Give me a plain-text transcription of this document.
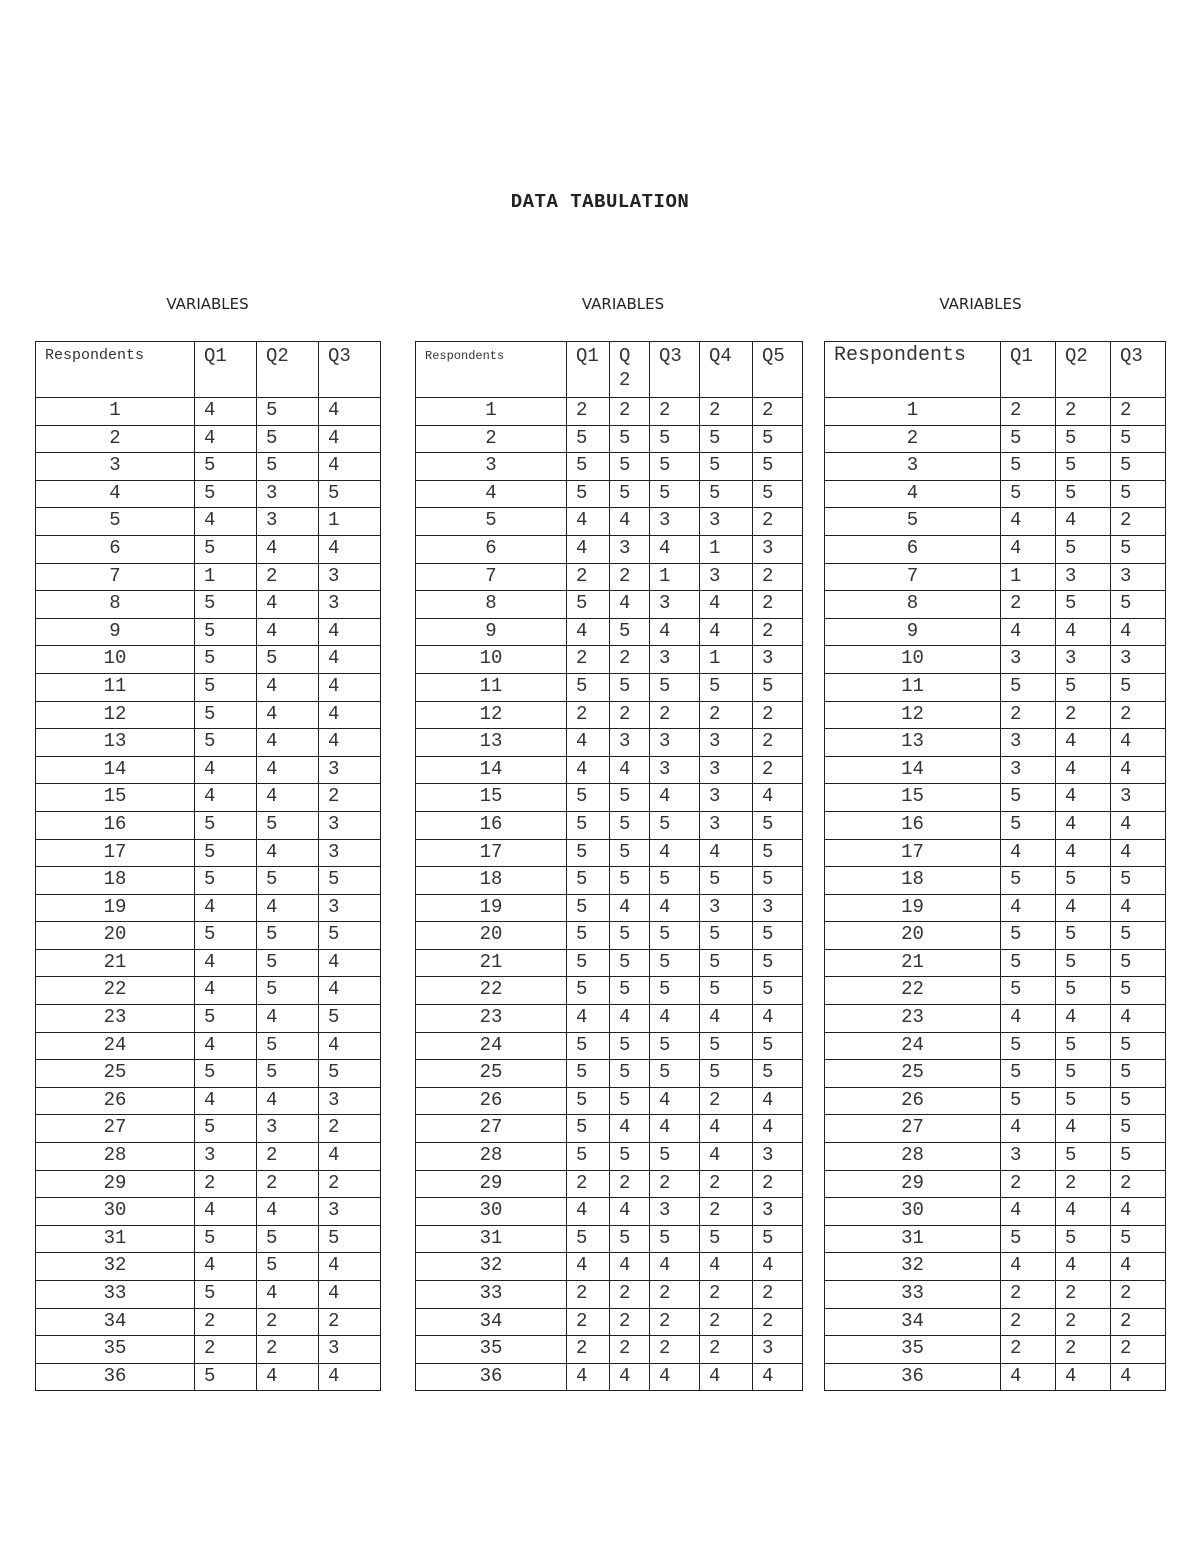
DATA TABULATION
VARIABLES	VARIABLES	VARIABLES
Respondents	Q1	Q2	Q3
1	4	5	4
2	4	5	4
3	5	5	4
4	5	3	5
5	4	3	1
6	5	4	4
7	1	2	3
8	5	4	3
9	5	4	4
10	5	5	4
11	5	4	4
12	5	4	4
13	5	4	4
14	4	4	3
15	4	4	2
16	5	5	3
17	5	4	3
18	5	5	5
19	4	4	3
20	5	5	5
21	4	5	4
22	4	5	4
23	5	4	5
24	4	5	4
25	5	5	5
26	4	4	3
27	5	3	2
28	3	2	4
29	2	2	2
30	4	4	3
31	5	5	5
32	4	5	4
33	5	4	4
34	2	2	2
35	2	2	3
36	5	4	4
Respondents	Q1	Q2	Q3	Q4	Q5
1	2	2	2	2	2
2	5	5	5	5	5
3	5	5	5	5	5
4	5	5	5	5	5
5	4	4	3	3	2
6	4	3	4	1	3
7	2	2	1	3	2
8	5	4	3	4	2
9	4	5	4	4	2
10	2	2	3	1	3
11	5	5	5	5	5
12	2	2	2	2	2
13	4	3	3	3	2
14	4	4	3	3	2
15	5	5	4	3	4
16	5	5	5	3	5
17	5	5	4	4	5
18	5	5	5	5	5
19	5	4	4	3	3
20	5	5	5	5	5
21	5	5	5	5	5
22	5	5	5	5	5
23	4	4	4	4	4
24	5	5	5	5	5
25	5	5	5	5	5
26	5	5	4	2	4
27	5	4	4	4	4
28	5	5	5	4	3
29	2	2	2	2	2
30	4	4	3	2	3
31	5	5	5	5	5
32	4	4	4	4	4
33	2	2	2	2	2
34	2	2	2	2	2
35	2	2	2	2	3
36	4	4	4	4	4
Respondents	Q1	Q2	Q3
1	2	2	2
2	5	5	5
3	5	5	5
4	5	5	5
5	4	4	2
6	4	5	5
7	1	3	3
8	2	5	5
9	4	4	4
10	3	3	3
11	5	5	5
12	2	2	2
13	3	4	4
14	3	4	4
15	5	4	3
16	5	4	4
17	4	4	4
18	5	5	5
19	4	4	4
20	5	5	5
21	5	5	5
22	5	5	5
23	4	4	4
24	5	5	5
25	5	5	5
26	5	5	5
27	4	4	5
28	3	5	5
29	2	2	2
30	4	4	4
31	5	5	5
32	4	4	4
33	2	2	2
34	2	2	2
35	2	2	2
36	4	4	4
